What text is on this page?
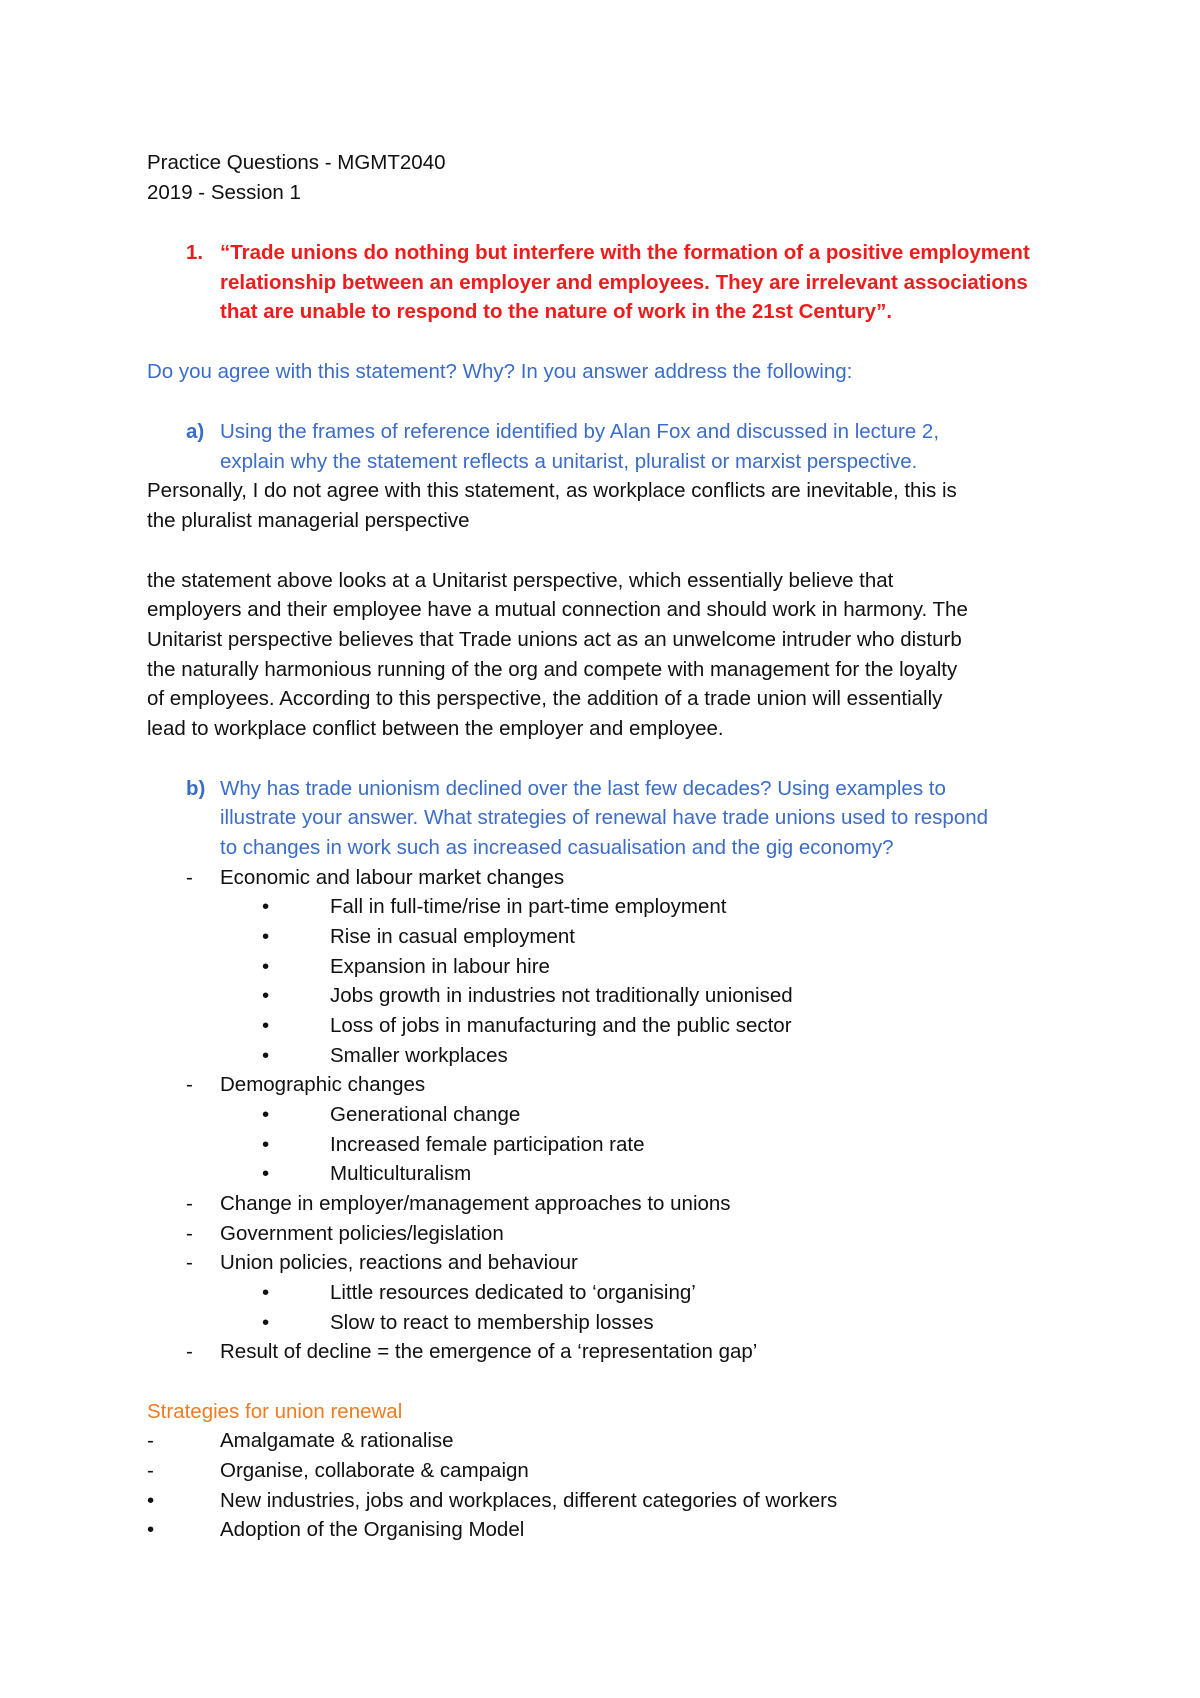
Practice Questions - MGMT2040
2019 - Session 1
1. “Trade unions do nothing but interfere with the formation of a positive employment
relationship between an employer and employees. They are irrelevant associations
that are unable to respond to the nature of work in the 21st Century”.
Do you agree with this statement? Why? In you answer address the following:
a) Using the frames of reference identified by Alan Fox and discussed in lecture 2,
explain why the statement reflects a unitarist, pluralist or marxist perspective.
Personally, I do not agree with this statement, as workplace conflicts are inevitable, this is
the pluralist managerial perspective
the statement above looks at a Unitarist perspective, which essentially believe that
employers and their employee have a mutual connection and should work in harmony. The
Unitarist perspective believes that Trade unions act as an unwelcome intruder who disturb
the naturally harmonious running of the org and compete with management for the loyalty
of employees. According to this perspective, the addition of a trade union will essentially
lead to workplace conflict between the employer and employee.
b) Why has trade unionism declined over the last few decades? Using examples to
illustrate your answer. What strategies of renewal have trade unions used to respond
to changes in work such as increased casualisation and the gig economy?
- Economic and labour market changes
•	Fall in full-time/rise in part-time employment
•	Rise in casual employment
•	Expansion in labour hire
•	Jobs growth in industries not traditionally unionised
•	Loss of jobs in manufacturing and the public sector
•	Smaller workplaces
- Demographic changes
•	Generational change
•	Increased female participation rate
•	Multiculturalism
- Change in employer/management approaches to unions
- Government policies/legislation
- Union policies, reactions and behaviour
•	Little resources dedicated to ‘organising’
•	Slow to react to membership losses
- Result of decline = the emergence of a ‘representation gap’
Strategies for union renewal
-	Amalgamate & rationalise
-	Organise, collaborate & campaign
•	New industries, jobs and workplaces, different categories of workers
•	Adoption of the Organising Model
